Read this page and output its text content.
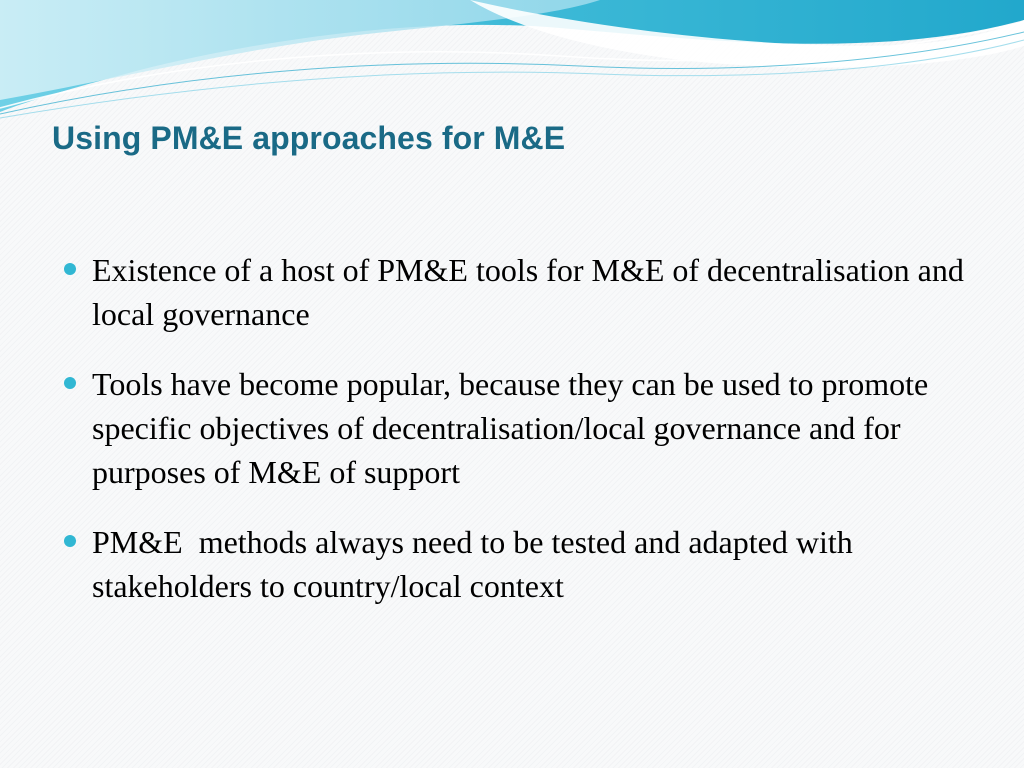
Using PM&E approaches for M&E
Existence of a host of PM&E tools for M&E of decentralisation and local governance
Tools have become popular, because they can be used to promote specific objectives of decentralisation/local governance and for purposes of M&E of support
PM&E  methods always need to be tested and adapted with stakeholders to country/local context
